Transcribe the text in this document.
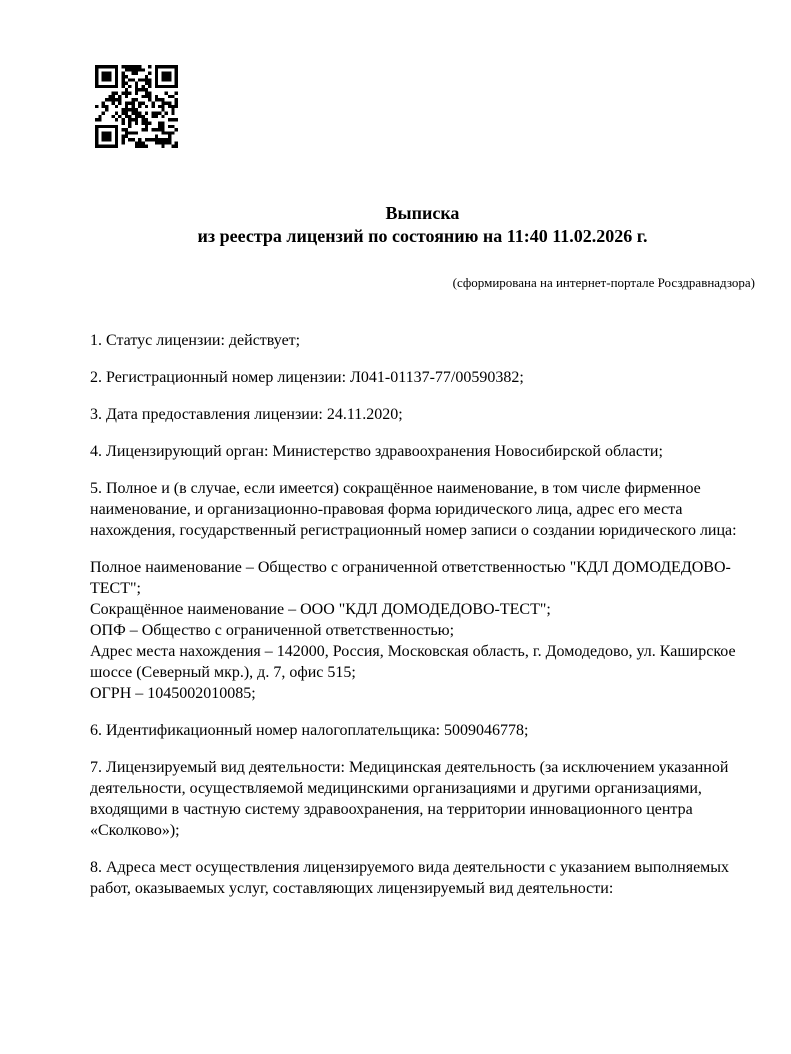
Выписка
из реестра лицензий по состоянию на 11:40 11.02.2026 г.
(сформирована на интернет-портале Росздравнадзора)

1. Статус лицензии: действует;

2. Регистрационный номер лицензии: Л041-01137-77/00590382;

3. Дата предоставления лицензии: 24.11.2020;

4. Лицензирующий орган: Министерство здравоохранения Новосибирской области;

5. Полное и (в случае, если имеется) сокращённое наименование, в том числе фирменное наименование, и организационно-правовая форма юридического лица, адрес его места нахождения, государственный регистрационный номер записи о создании юридического лица:

Полное наименование – Общество с ограниченной ответственностью "КДЛ ДОМОДЕДОВО-ТЕСТ";
Сокращённое наименование – ООО "КДЛ ДОМОДЕДОВО-ТЕСТ";
ОПФ – Общество с ограниченной ответственностью;
Адрес места нахождения – 142000, Россия, Московская область, г. Домодедово, ул. Каширское шоссе (Северный мкр.), д. 7, офис 515;
ОГРН – 1045002010085;

6. Идентификационный номер налогоплательщика: 5009046778;

7. Лицензируемый вид деятельности: Медицинская деятельность (за исключением указанной деятельности, осуществляемой медицинскими организациями и другими организациями, входящими в частную систему здравоохранения, на территории инновационного центра «Сколково»);

8. Адреса мест осуществления лицензируемого вида деятельности с указанием выполняемых работ, оказываемых услуг, составляющих лицензируемый вид деятельности:
